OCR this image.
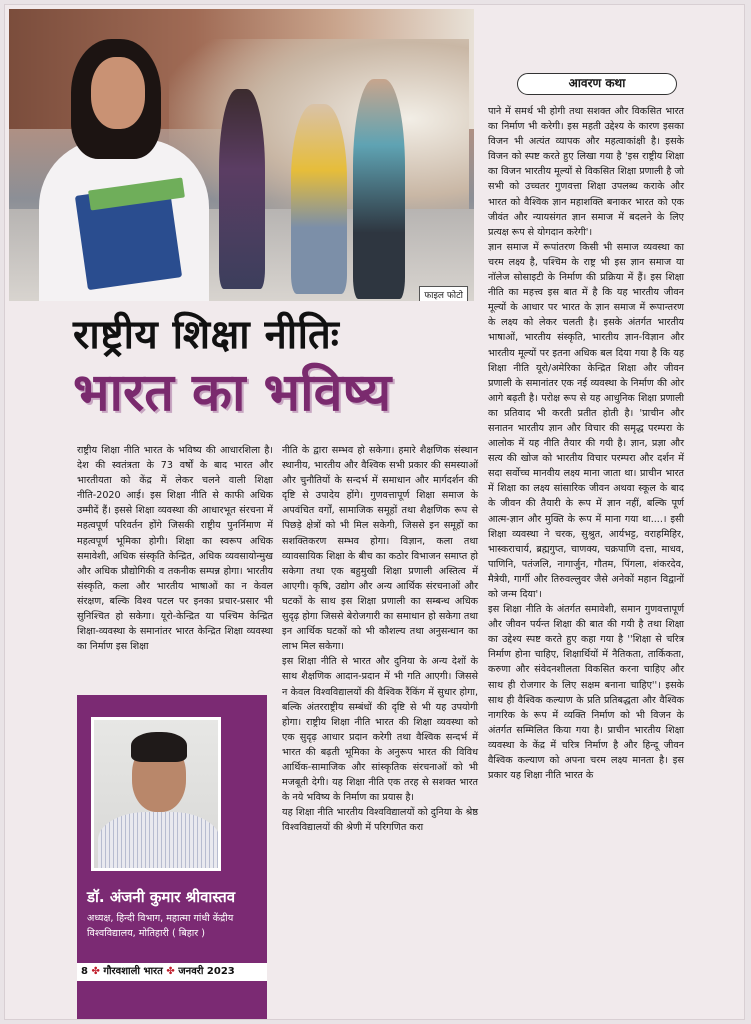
फाइल फोटो
आवरण कथा
राष्ट्रीय शिक्षा नीतिः
भारत का भविष्य

राष्ट्रीय शिक्षा नीति भारत के भविष्य की आधारशिला है। देश की स्वतंत्रता के 73 वर्षों के बाद भारत और भारतीयता को केंद्र में लेकर चलने वाली शिक्षा नीति-2020 आई। इस शिक्षा नीति से काफी अधिक उम्मीदें हैं। इससे शिक्षा व्यवस्था की आधारभूत संरचना में महत्वपूर्ण परिवर्तन होंगे जिसकी राष्ट्रीय पुनर्निमाण में महत्वपूर्ण भूमिका होगी। शिक्षा का स्वरूप अधिक समावेशी, अधिक संस्कृति केन्द्रित, अधिक व्यवसायोन्मुख और अधिक प्रौद्योगिकी व तकनीक सम्पन्न होगा। भारतीय संस्कृति, कला और भारतीय भाषाओं का न केवल संरक्षण, बल्कि विश्व पटल पर इनका प्रचार-प्रसार भी सुनिश्चित हो सकेगा। यूरो-केन्द्रित या पश्चिम केन्द्रित शिक्षा-व्यवस्था के समानांतर भारत केन्द्रित शिक्षा व्यवस्था का निर्माण इस शिक्षा

नीति के द्वारा सम्भव हो सकेगा। हमारे शैक्षणिक संस्थान स्थानीय, भारतीय और वैश्विक सभी प्रकार की समस्याओं और चुनौतियों के सन्दर्भ में समाधान और मार्गदर्शन की दृष्टि से उपादेय होंगे। गुणवत्तापूर्ण शिक्षा समाज के अपवंचित वर्गों, सामाजिक समूहों तथा शैक्षणिक रूप से पिछड़े क्षेत्रों को भी मिल सकेगी, जिससे इन समूहों का सशक्तिकरण सम्भव होगा। विज्ञान, कला तथा व्यावसायिक शिक्षा के बीच का कठोर विभाजन समाप्त हो सकेगा तथा एक बहुमुखी शिक्षा प्रणाली अस्तित्व में आएगी। कृषि, उद्योग और अन्य आर्थिक संरचनाओं और घटकों के साथ इस शिक्षा प्रणाली का सम्बन्ध अधिक सुदृढ़ होगा जिससे बेरोजगारी का समाधान हो सकेगा तथा इन आर्थिक घटकों को भी कौशल्य तथा अनुसन्धान का लाभ मिल सकेगा।

इस शिक्षा नीति से भारत और दुनिया के अन्य देशों के साथ शैक्षणिक आदान-प्रदान में भी गति आएगी। जिससे न केवल विश्वविद्यालयों की वैश्विक रैंकिंग में सुधार होगा, बल्कि अंतरराष्ट्रीय सम्बंधों की दृष्टि से भी यह उपयोगी होगा। राष्ट्रीय शिक्षा नीति भारत की शिक्षा व्यवस्था को एक सुदृढ़ आधार प्रदान करेगी तथा वैश्विक सन्दर्भ में भारत की बढ़ती भूमिका के अनुरूप भारत की विविध आर्थिक-सामाजिक और सांस्कृतिक संरचनाओं को भी मजबूती देगी। यह शिक्षा नीति एक तरह से सशक्त भारत के नये भविष्य के निर्माण का प्रयास है।

यह शिक्षा नीति भारतीय विश्वविद्यालयों को दुनिया के श्रेष्ठ विश्वविद्यालयों की श्रेणी में परिगणित करा

पाने में समर्थ भी होगी तथा सशक्त और विकसित भारत का निर्माण भी करेगी। इस महती उद्देश्य के कारण इसका विजन भी अत्यंत व्यापक और महत्वाकांक्षी है। इसके विजन को स्पष्ट करते हुए लिखा गया है 'इस राष्ट्रीय शिक्षा का विजन भारतीय मूल्यों से विकसित शिक्षा प्रणाली है जो सभी को उच्चतर गुणवत्ता शिक्षा उपलब्ध कराके और भारत को वैश्विक ज्ञान महाशक्ति बनाकर भारत को एक जीवंत और न्यायसंगत ज्ञान समाज में बदलने के लिए प्रत्यक्ष रूप से योगदान करेगी'।

ज्ञान समाज में रूपांतरण किसी भी समाज व्यवस्था का चरम लक्ष्य है, पश्चिम के राष्ट्र भी इस ज्ञान समाज या नॉलेज सोसाइटी के निर्माण की प्रक्रिया में हैं। इस शिक्षा नीति का महत्त्व इस बात में है कि यह भारतीय जीवन मूल्यों के आधार पर भारत के ज्ञान समाज में रूपान्तरण के लक्ष्य को लेकर चलती है। इसके अंतर्गत भारतीय भाषाओं, भारतीय संस्कृति, भारतीय ज्ञान-विज्ञान और भारतीय मूल्यों पर इतना अधिक बल दिया गया है कि यह शिक्षा नीति यूरो/अमेरिका केन्द्रित शिक्षा और जीवन प्रणाली के समानांतर एक नई व्यवस्था के निर्माण की ओर आगे बढ़ती है। परोक्ष रूप से यह आधुनिक शिक्षा प्रणाली का प्रतिवाद भी करती प्रतीत होती है। 'प्राचीन और सनातन भारतीय ज्ञान और विचार की समृद्ध परम्परा के आलोक में यह नीति तैयार की गयी है। ज्ञान, प्रज्ञा और सत्य की खोज को भारतीय विचार परम्परा और दर्शन में सदा सर्वोच्च मानवीय लक्ष्य माना जाता था। प्राचीन भारत में शिक्षा का लक्ष्य सांसारिक जीवन अथवा स्कूल के बाद के जीवन की तैयारी के रूप में ज्ञान नहीं, बल्कि पूर्ण आत्म-ज्ञान और मुक्ति के रूप में माना गया था....। इसी शिक्षा व्यवस्था ने चरक, सुश्रुत, आर्यभट्ट, वराहमिहिर, भास्कराचार्य, ब्रह्मगुप्त, चाणक्य, चक्रपाणि दत्ता, माधव, पाणिनि, पतंजलि, नागार्जुन, गौतम, पिंगला, शंकरदेव, मैत्रेयी, गार्गी और तिरुवल्लुवर जैसे अनेकों महान विद्वानों को जन्म दिया'।

इस शिक्षा नीति के अंतर्गत समावेशी, समान गुणवत्तापूर्ण और जीवन पर्यन्त शिक्षा की बात की गयी है तथा शिक्षा का उद्देश्य स्पष्ट करते हुए कहा गया है ''शिक्षा से चरित्र निर्माण होना चाहिए, शिक्षार्थियों में नैतिकता, तार्किकता, करुणा और संवेदनशीलता विकसित करना चाहिए और साथ ही रोजगार के लिए सक्षम बनाना चाहिए''। इसके साथ ही वैश्विक कल्याण के प्रति प्रतिबद्धता और वैश्विक नागरिक के रूप में व्यक्ति निर्माण को भी विजन के अंतर्गत सम्मिलित किया गया है। प्राचीन भारतीय शिक्षा व्यवस्था के केंद्र में चरित्र निर्माण है और हिन्दू जीवन वैश्विक कल्याण को अपना चरम लक्ष्य मानता है। इस प्रकार यह शिक्षा नीति भारत के

डॉ. अंजनी कुमार श्रीवास्तव
अध्यक्ष, हिन्दी विभाग, महात्मा गांधी केंद्रीय विश्वविद्यालय, मोतिहारी ( बिहार )
8 ✤ गौरवशाली भारत ✤ जनवरी 2023
